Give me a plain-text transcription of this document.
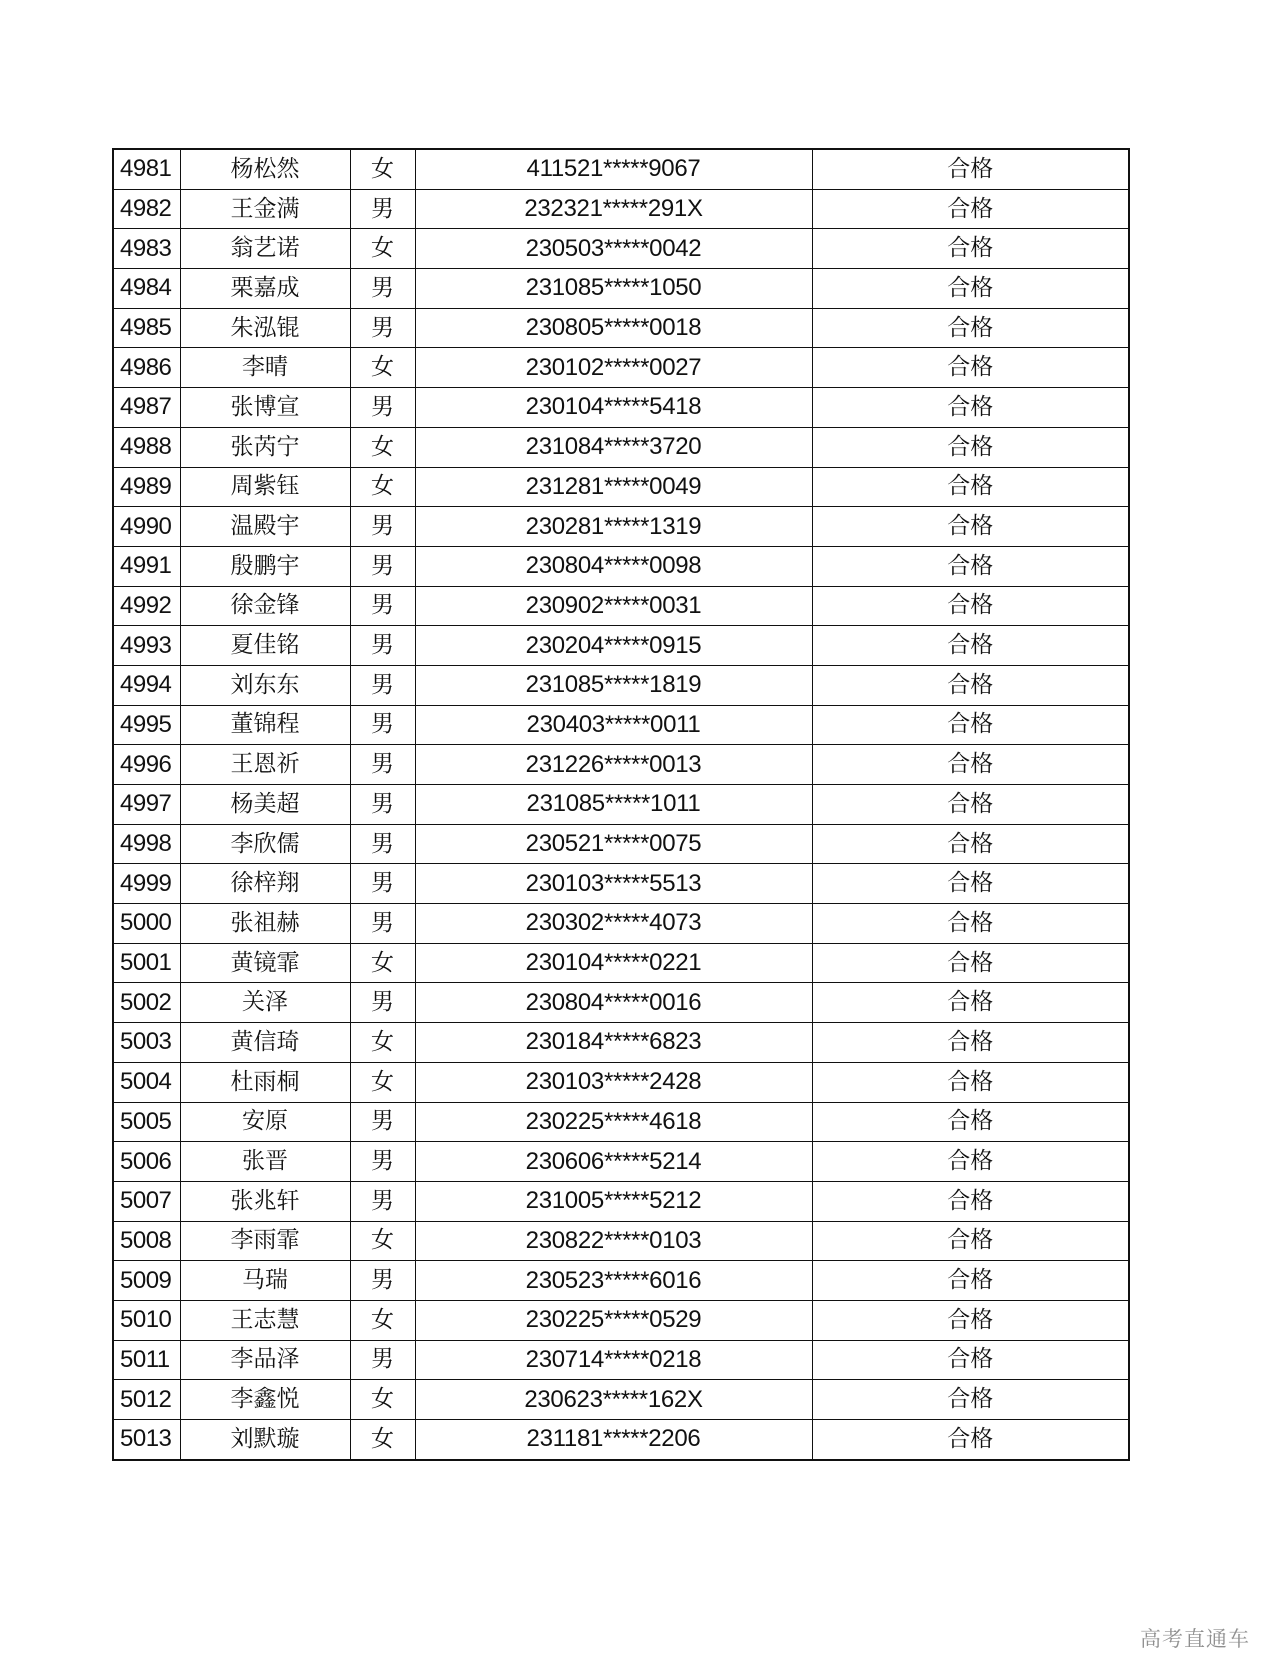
4981	杨松然	女	411521*****9067	合格
4982	王金满	男	232321*****291X	合格
4983	翁艺诺	女	230503*****0042	合格
4984	栗嘉成	男	231085*****1050	合格
4985	朱泓锟	男	230805*****0018	合格
4986	李晴	女	230102*****0027	合格
4987	张博宣	男	230104*****5418	合格
4988	张芮宁	女	231084*****3720	合格
4989	周紫钰	女	231281*****0049	合格
4990	温殿宇	男	230281*****1319	合格
4991	殷鹏宇	男	230804*****0098	合格
4992	徐金锋	男	230902*****0031	合格
4993	夏佳铭	男	230204*****0915	合格
4994	刘东东	男	231085*****1819	合格
4995	董锦程	男	230403*****0011	合格
4996	王恩祈	男	231226*****0013	合格
4997	杨美超	男	231085*****1011	合格
4998	李欣儒	男	230521*****0075	合格
4999	徐梓翔	男	230103*****5513	合格
5000	张祖赫	男	230302*****4073	合格
5001	黄镜霏	女	230104*****0221	合格
5002	关泽	男	230804*****0016	合格
5003	黄信琦	女	230184*****6823	合格
5004	杜雨桐	女	230103*****2428	合格
5005	安原	男	230225*****4618	合格
5006	张晋	男	230606*****5214	合格
5007	张兆轩	男	231005*****5212	合格
5008	李雨霏	女	230822*****0103	合格
5009	马瑞	男	230523*****6016	合格
5010	王志慧	女	230225*****0529	合格
5011	李品泽	男	230714*****0218	合格
5012	李鑫悦	女	230623*****162X	合格
5013	刘默璇	女	231181*****2206	合格
高考直通车
